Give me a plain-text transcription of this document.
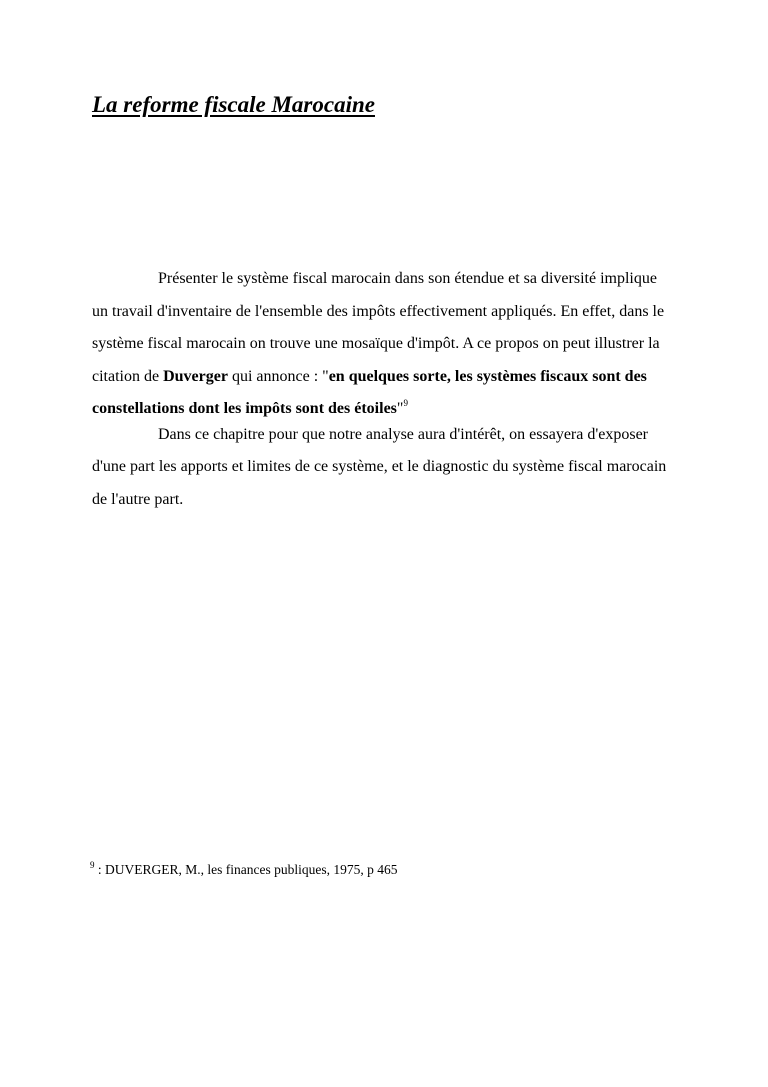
La reforme fiscale Marocaine

Présenter le système fiscal marocain dans son étendue et sa diversité implique un travail d'inventaire de l'ensemble des impôts effectivement appliqués. En effet, dans le système fiscal marocain on trouve une mosaïque d'impôt. A ce propos on peut illustrer la citation de Duverger qui annonce : "en quelques sorte, les systèmes fiscaux sont des constellations dont les impôts sont des étoiles"$^9$

Dans ce chapitre pour que notre analyse aura d'intérêt, on essayera d'exposer d'une part les apports et limites de ce système, et le diagnostic du système fiscal marocain de l'autre part.

$^9$ : DUVERGER, M., les finances publiques, 1975, p 465
